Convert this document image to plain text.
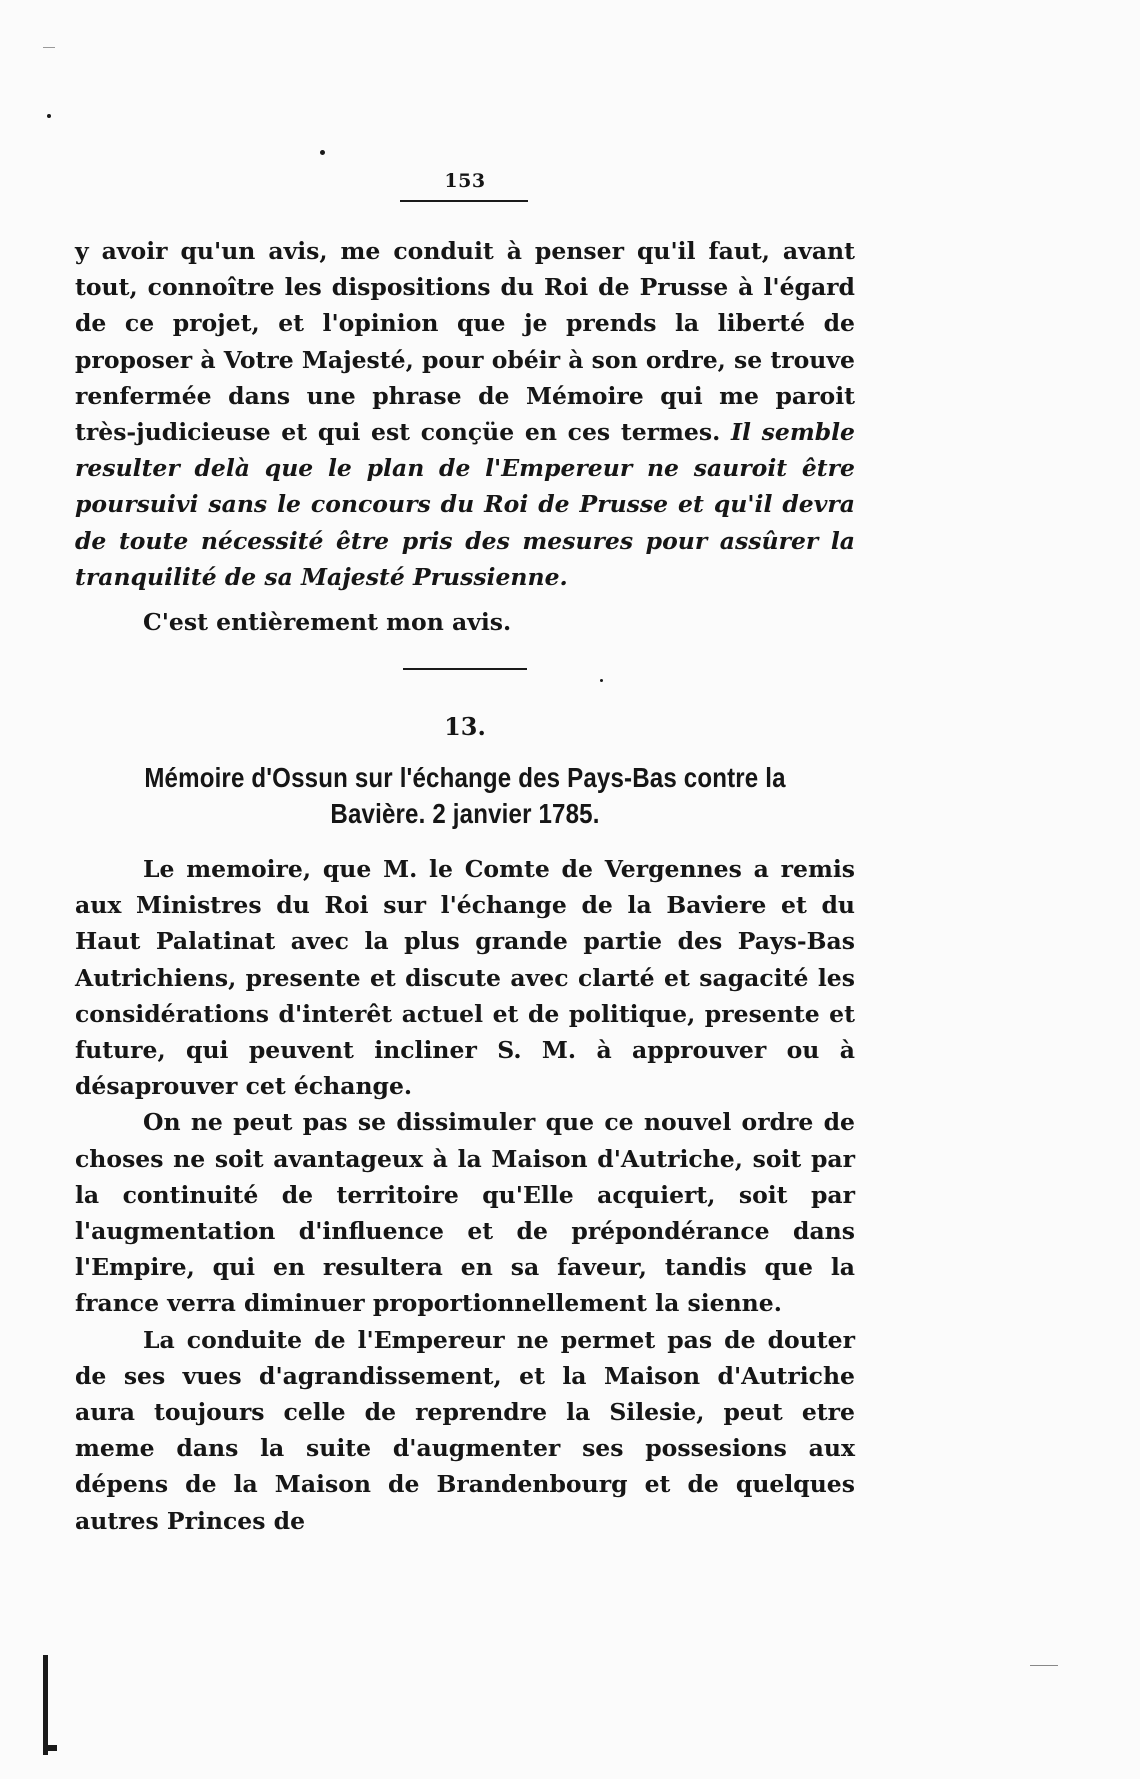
153

y avoir qu'un avis, me conduit à penser qu'il faut, avant tout, connoître les dispositions du Roi de Prusse à l'égard de ce projet, et l'opinion que je prends la liberté de proposer à Votre Majesté, pour obéir à son ordre, se trouve renfermée dans une phrase de Mémoire qui me paroit très-judicieuse et qui est conçüe en ces termes. Il semble resulter delà que le plan de l'Empereur ne sauroit être poursuivi sans le concours du Roi de Prusse et qu'il devra de toute nécessité être pris des mesures pour assûrer la tranquilité de sa Majesté Prussienne.

C'est entièrement mon avis.
13.
Mémoire d'Ossun sur l'échange des Pays-Bas contre la
Bavière. 2 janvier 1785.

Le memoire, que M. le Comte de Vergennes a remis aux Ministres du Roi sur l'échange de la Baviere et du Haut Palatinat avec la plus grande partie des Pays-Bas Autrichiens, presente et discute avec clarté et sagacité les considérations d'interêt actuel et de politique, presente et future, qui peuvent incliner S. M. à approuver ou à désaprouver cet échange.

On ne peut pas se dissimuler que ce nouvel ordre de choses ne soit avantageux à la Maison d'Autriche, soit par la continuité de territoire qu'Elle acquiert, soit par l'augmentation d'influence et de prépondérance dans l'Empire, qui en resultera en sa faveur, tandis que la france verra diminuer proportionnellement la sienne.

La conduite de l'Empereur ne permet pas de douter de ses vues d'agrandissement, et la Maison d'Autriche aura toujours celle de reprendre la Silesie, peut etre meme dans la suite d'augmenter ses possesions aux dépens de la Maison de Brandenbourg et de quelques autres Princes de
